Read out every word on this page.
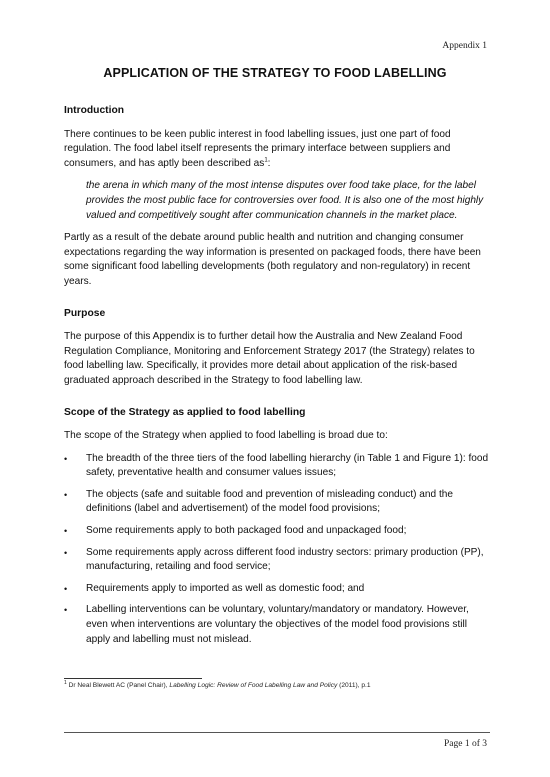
Appendix 1
APPLICATION OF THE STRATEGY TO FOOD LABELLING
Introduction

There continues to be keen public interest in food labelling issues, just one part of food regulation. The food label itself represents the primary interface between suppliers and consumers, and has aptly been described $as^1$:

the arena in which many of the most intense disputes over food take place, for the label provides the most public face for controversies over food. It is also one of the most highly valued and competitively sought after communication channels in the market place.

Partly as a result of the debate around public health and nutrition and changing consumer expectations regarding the way information is presented on packaged foods, there have been some significant food labelling developments (both regulatory and non-regulatory) in recent years.

Purpose

The purpose of this Appendix is to further detail how the Australia and New Zealand Food Regulation Compliance, Monitoring and Enforcement Strategy 2017 (the Strategy) relates to food labelling law. Specifically, it provides more detail about application of the risk-based graduated approach described in the Strategy to food labelling law.

Scope of the Strategy as applied to food labelling

The scope of the Strategy when applied to food labelling is broad due to:

• The breadth of the three tiers of the food labelling hierarchy (in Table 1 and Figure 1): food safety, preventative health and consumer values issues;
• The objects (safe and suitable food and prevention of misleading conduct) and the definitions (label and advertisement) of the model food provisions;
• Some requirements apply to both packaged food and unpackaged food;
• Some requirements apply across different food industry sectors: primary production (PP), manufacturing, retailing and food service;
• Requirements apply to imported as well as domestic food; and
• Labelling interventions can be voluntary, voluntary/mandatory or mandatory. However, even when interventions are voluntary the objectives of the model food provisions still apply and labelling must not mislead.
$^1$ Dr Neal Blewett AC (Panel Chair), Labelling Logic: Review of Food Labelling Law and Policy (2011), p.1
Page 1 of 3
